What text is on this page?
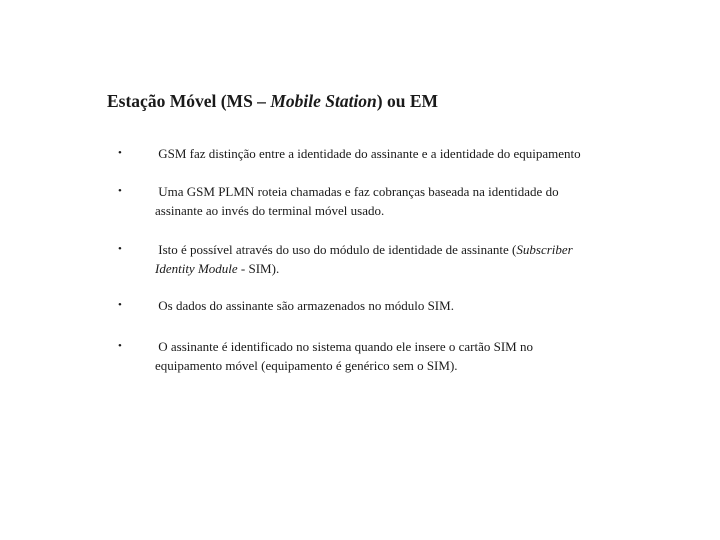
Estação Móvel (MS – Mobile Station) ou EM
•	GSM faz distinção entre a identidade do assinante e a identidade do equipamento
•	Uma GSM PLMN roteia chamadas e faz cobranças baseada na identidade do
assinante ao invés do terminal móvel usado.
•	Isto é possível através do uso do módulo de identidade de assinante (Subscriber
Identity Module - SIM).
•	Os dados do assinante são armazenados no módulo SIM.
•	O assinante é identificado no sistema quando ele insere o cartão SIM no
equipamento móvel (equipamento é genérico sem o SIM).
